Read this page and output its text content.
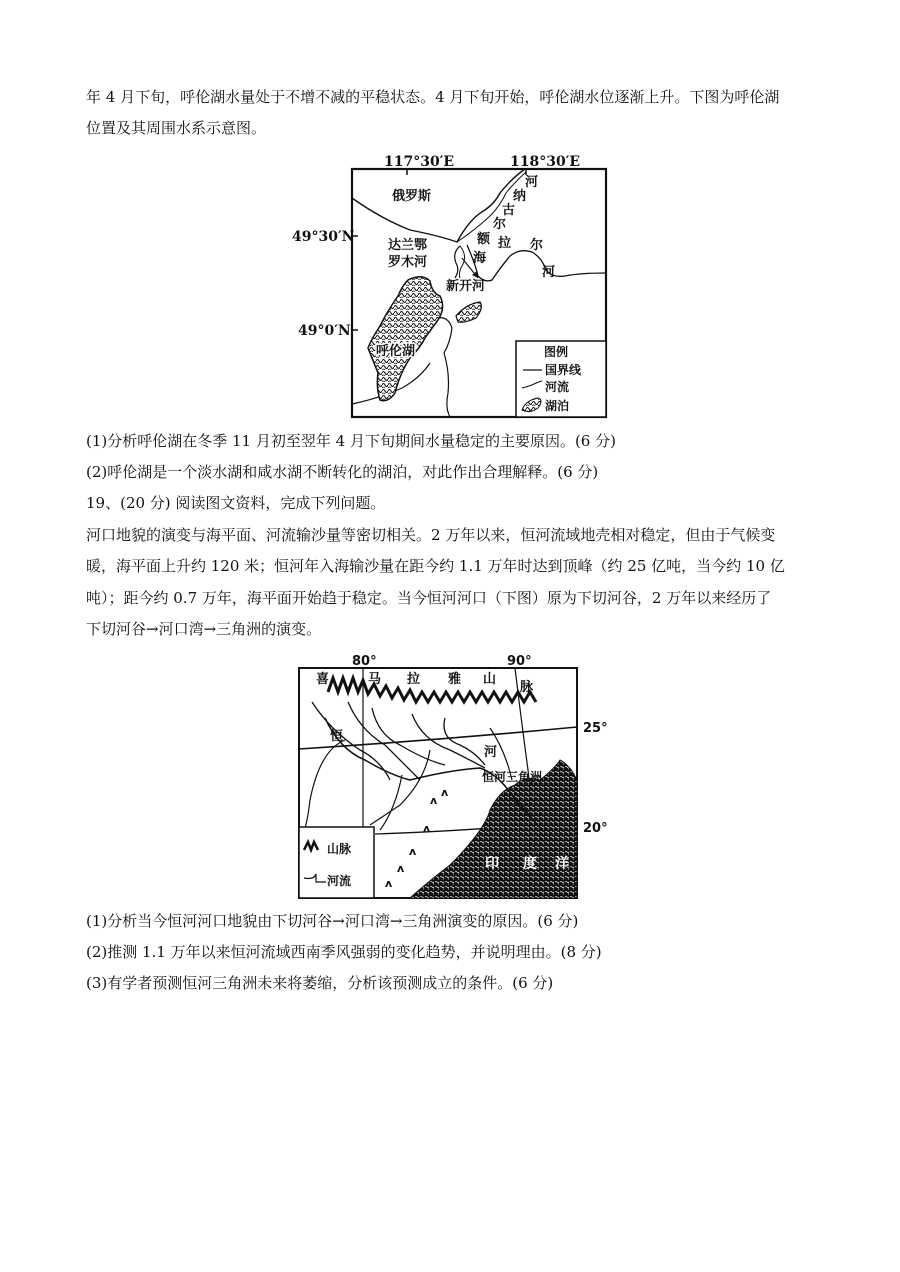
年 4 月下旬，呼伦湖水量处于不增不减的平稳状态。4 月下旬开始，呼伦湖水位逐渐上升。下图为呼伦湖

位置及其周围水系示意图。

117°30′E	118°30′E
49°30′N
49°0′N
俄罗斯
达兰鄂
罗木河
新开河
呼伦湖
河
纳
古
尔
额
海
拉 尔
河
图例
国界线
河流
湖泊

(1)分析呼伦湖在冬季 11 月初至翌年 4 月下旬期间水量稳定的主要原因。(6 分)

(2)呼伦湖是一个淡水湖和咸水湖不断转化的湖泊，对此作出合理解释。(6 分)

19、(20 分) 阅读图文资料，完成下列问题。

河口地貌的演变与海平面、河流输沙量等密切相关。2 万年以来，恒河流域地壳相对稳定，但由于气候变

暖，海平面上升约 120 米；恒河年入海输沙量在距今约 1.1 万年时达到顶峰（约 25 亿吨，当今约 10 亿

吨）；距今约 0.7 万年，海平面开始趋于稳定。当今恒河河口（下图）原为下切河谷，2 万年以来经历了

下切河谷→河口湾→三角洲的演变。

ʌ
ʌ
ʌ
ʌ
ʌ
ʌ
80°	90°
25°
20°
喜	马 拉 雅 山
脉
恒
河
恒河三角洲
印 度 洋
山脉
河流

(1)分析当今恒河河口地貌由下切河谷→河口湾→三角洲演变的原因。(6 分)

(2)推测 1.1 万年以来恒河流域西南季风强弱的变化趋势，并说明理由。(8 分)

(3)有学者预测恒河三角洲未来将萎缩，分析该预测成立的条件。(6 分)
